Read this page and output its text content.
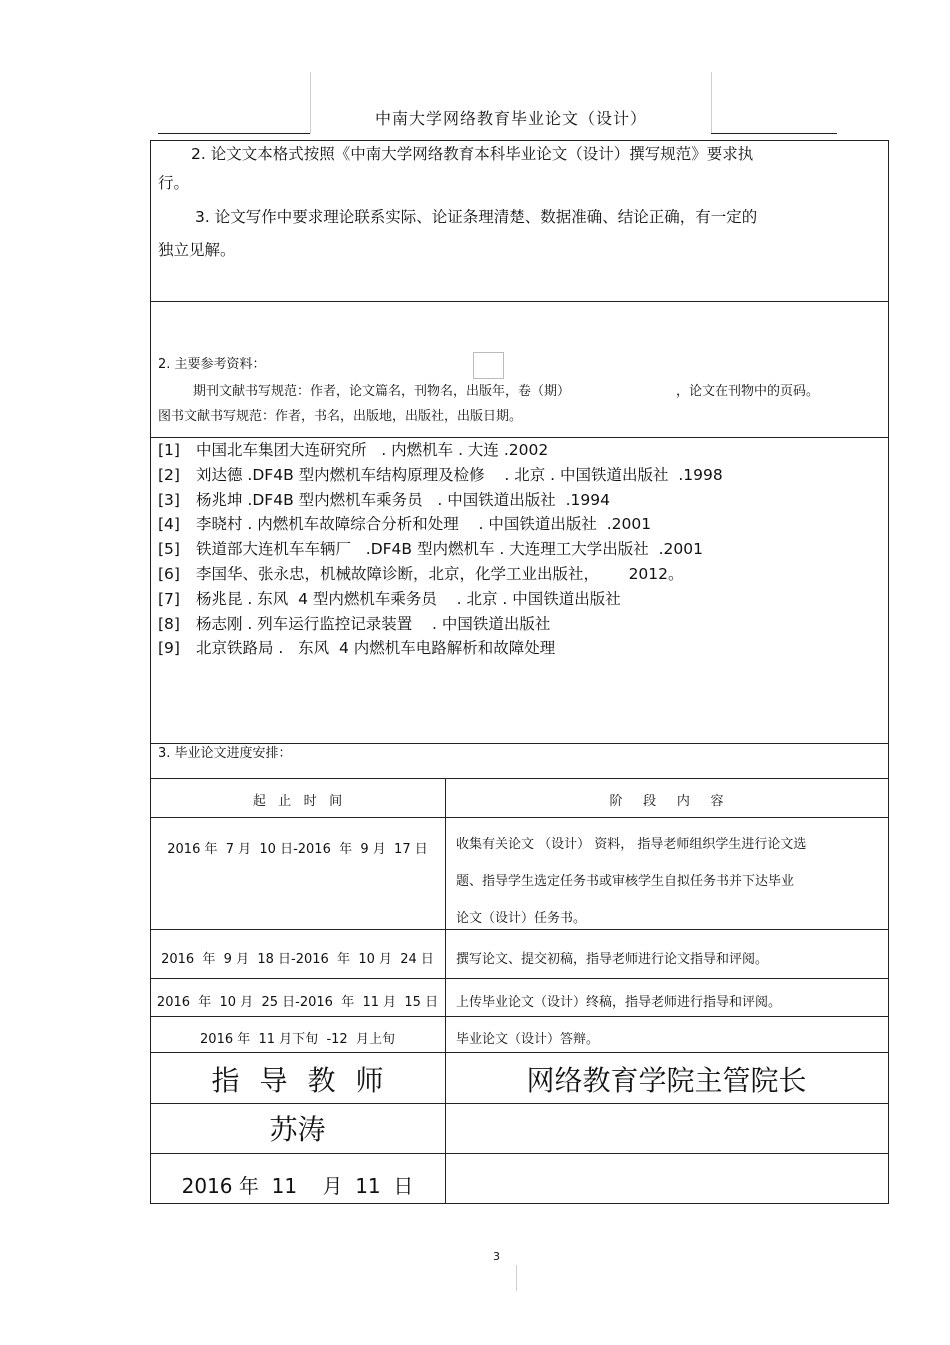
中南大学网络教育毕业论文（设计）
2. 论文文本格式按照《中南大学网络教育本科毕业论文（设计）撰写规范》要求执
行。
3. 论文写作中要求理论联系实际、论证条理清楚、数据准确、结论正确，有一定的
独立见解。
2. 主要参考资料：
期刊文献书写规范：作者，论文篇名，刊物名，出版年，卷（期）	，论文在刊物中的页码。
图书文献书写规范：作者，书名，出版地，出版社，出版日期。
[1] 中国北车集团大连研究所   . 内燃机车 . 大连 .2002
[2] 刘达德 .DF4B 型内燃机车结构原理及检修    . 北京 . 中国铁道出版社  .1998
[3] 杨兆坤 .DF4B 型内燃机车乘务员   . 中国铁道出版社  .1994
[4] 李晓村 . 内燃机车故障综合分析和处理    . 中国铁道出版社  .2001
[5] 铁道部大连机车车辆厂   .DF4B 型内燃机车 . 大连理工大学出版社  .2001
[6] 李国华、张永忠，机械故障诊断，北京，化学工业出版社，      2012。
[7] 杨兆昆 . 东风  4 型内燃机车乘务员    . 北京 . 中国铁道出版社
[8] 杨志刚 . 列车运行监控记录装置    . 中国铁道出版社
[9] 北京铁路局 .   东风  4 内燃机车电路解析和故障处理
3. 毕业论文进度安排：
起   止   时   间	阶     段     内     容
2016 年  7 月  10 日-2016  年  9 月  17 日	收集有关论文 （设计） 资料， 指导老师组织学生进行论文选
题、指导学生选定任务书或审核学生自拟任务书并下达毕业
论文（设计）任务书。
2016  年  9 月  18 日-2016  年  10 月  24 日	撰写论文、提交初稿，指导老师进行论文指导和评阅。
2016  年  10 月  25 日-2016  年  11 月  15 日	上传毕业论文（设计）终稿，指导老师进行指导和评阅。
2016 年  11 月下旬  -12  月上旬	毕业论文（设计）答辩。
指导教师	网络教育学院主管院长
苏涛
2016 年  11    月  11  日
3
